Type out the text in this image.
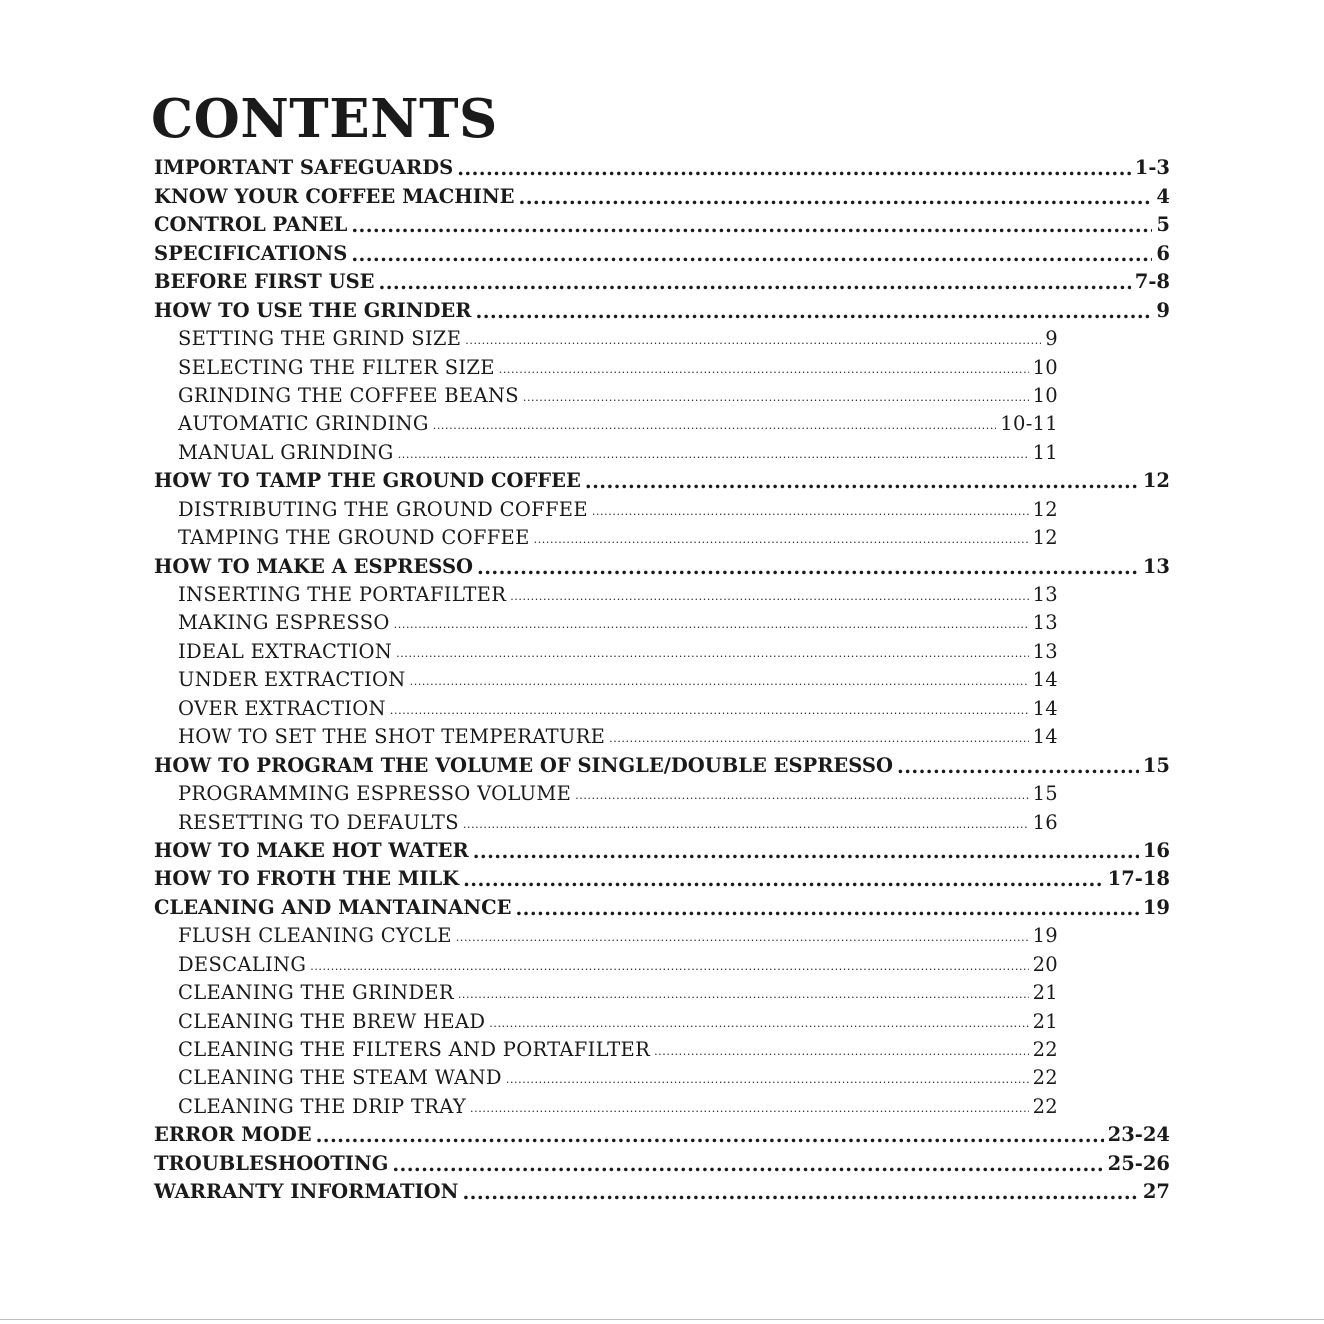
CONTENTS
IMPORTANT SAFEGUARDS .....	1-3
KNOW YOUR COFFEE MACHINE .....	4
CONTROL PANEL .....	5
SPECIFICATIONS .....	6
BEFORE FIRST USE .....	7-8
HOW TO USE THE GRINDER .....	9
SETTING THE GRIND SIZE .....	9
SELECTING THE FILTER SIZE .....	10
GRINDING THE COFFEE BEANS .....	10
AUTOMATIC GRINDING .....	10-11
MANUAL GRINDING .....	11
HOW TO TAMP THE GROUND COFFEE .....	12
DISTRIBUTING THE GROUND COFFEE .....	12
TAMPING THE GROUND COFFEE .....	12
HOW TO MAKE A ESPRESSO .....	13
INSERTING THE PORTAFILTER .....	13
MAKING ESPRESSO .....	13
IDEAL EXTRACTION .....	13
UNDER EXTRACTION .....	14
OVER EXTRACTION .....	14
HOW TO SET THE SHOT TEMPERATURE .....	14
HOW TO PROGRAM THE VOLUME OF SINGLE/DOUBLE ESPRESSO .....	15
PROGRAMMING ESPRESSO VOLUME .....	15
RESETTING TO DEFAULTS .....	16
HOW TO MAKE HOT WATER .....	16
HOW TO FROTH THE MILK .....	17-18
CLEANING AND MANTAINANCE .....	19
FLUSH CLEANING CYCLE .....	19
DESCALING .....	20
CLEANING THE GRINDER .....	21
CLEANING THE BREW HEAD .....	21
CLEANING THE FILTERS AND PORTAFILTER .....	22
CLEANING THE STEAM WAND .....	22
CLEANING THE DRIP TRAY .....	22
ERROR MODE .....	23-24
TROUBLESHOOTING .....	25-26
WARRANTY INFORMATION .....	27
